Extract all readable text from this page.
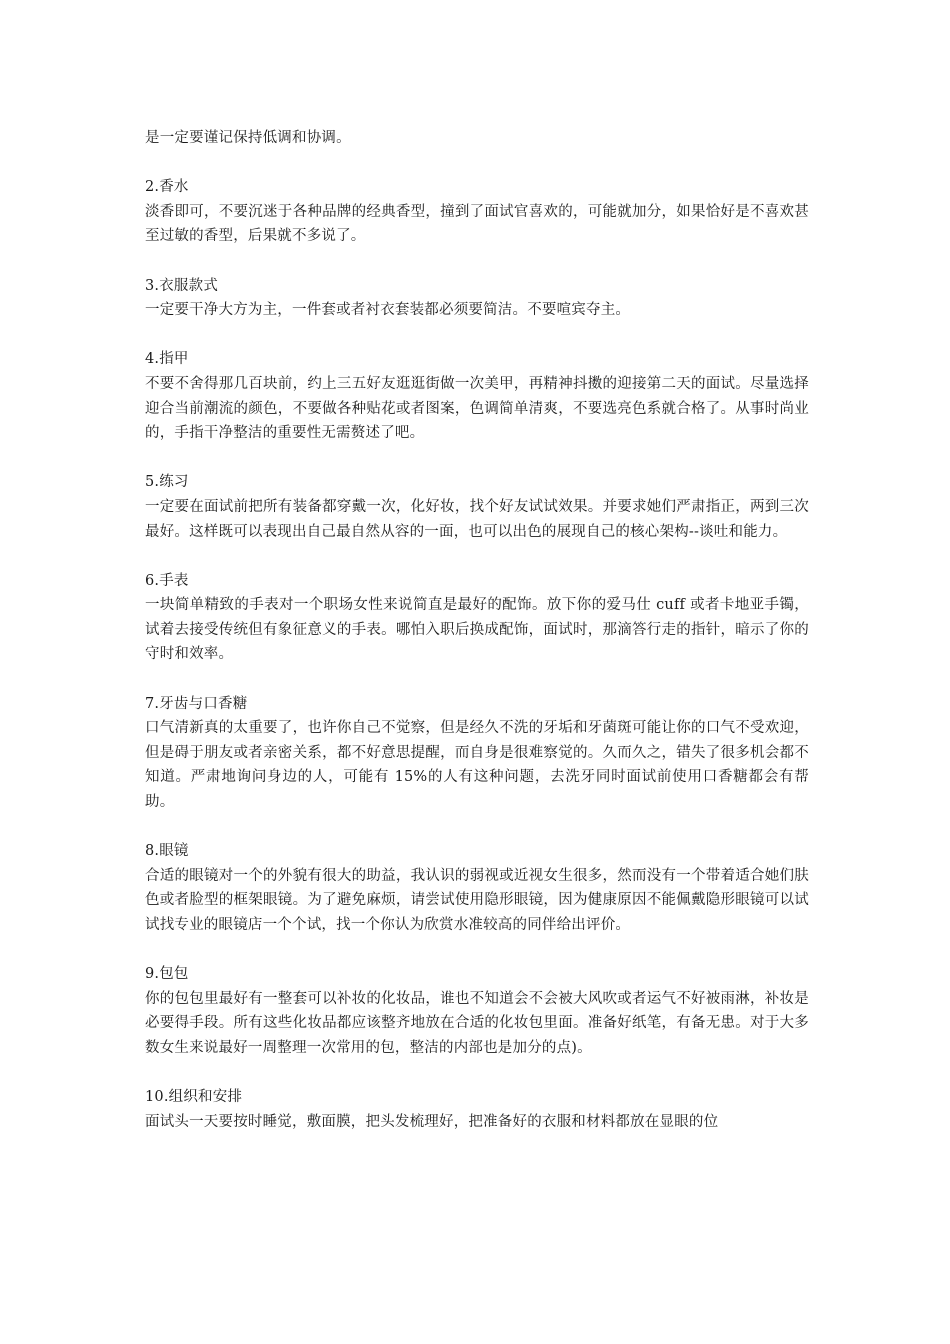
是一定要谨记保持低调和协调。

2.香水

淡香即可，不要沉迷于各种品牌的经典香型，撞到了面试官喜欢的，可能就加分，如果恰好是不喜欢甚至过敏的香型，后果就不多说了。

3.衣服款式

一定要干净大方为主，一件套或者衬衣套装都必须要简洁。不要喧宾夺主。

4.指甲

不要不舍得那几百块前，约上三五好友逛逛街做一次美甲，再精神抖擞的迎接第二天的面试。尽量选择迎合当前潮流的颜色，不要做各种贴花或者图案，色调简单清爽，不要选亮色系就合格了。从事时尚业的，手指干净整洁的重要性无需赘述了吧。

5.练习

一定要在面试前把所有装备都穿戴一次，化好妆，找个好友试试效果。并要求她们严肃指正，两到三次最好。这样既可以表现出自己最自然从容的一面，也可以出色的展现自己的核心架构--谈吐和能力。

6.手表

一块简单精致的手表对一个职场女性来说简直是最好的配饰。放下你的爱马仕 cuff 或者卡地亚手镯，试着去接受传统但有象征意义的手表。哪怕入职后换成配饰，面试时，那滴答行走的指针，暗示了你的守时和效率。

7.牙齿与口香糖

口气清新真的太重要了，也许你自己不觉察，但是经久不洗的牙垢和牙菌斑可能让你的口气不受欢迎，但是碍于朋友或者亲密关系，都不好意思提醒，而自身是很难察觉的。久而久之，错失了很多机会都不知道。严肃地询问身边的人，可能有 15%的人有这种问题，去洗牙同时面试前使用口香糖都会有帮助。

8.眼镜

合适的眼镜对一个的外貌有很大的助益，我认识的弱视或近视女生很多，然而没有一个带着适合她们肤色或者脸型的框架眼镜。为了避免麻烦，请尝试使用隐形眼镜，因为健康原因不能佩戴隐形眼镜可以试试找专业的眼镜店一个个试，找一个你认为欣赏水准较高的同伴给出评价。

9.包包

你的包包里最好有一整套可以补妆的化妆品，谁也不知道会不会被大风吹或者运气不好被雨淋，补妆是必要得手段。所有这些化妆品都应该整齐地放在合适的化妆包里面。准备好纸笔，有备无患。对于大多数女生来说最好一周整理一次常用的包，整洁的内部也是加分的点)。

10.组织和安排

面试头一天要按时睡觉，敷面膜，把头发梳理好，把准备好的衣服和材料都放在显眼的位
